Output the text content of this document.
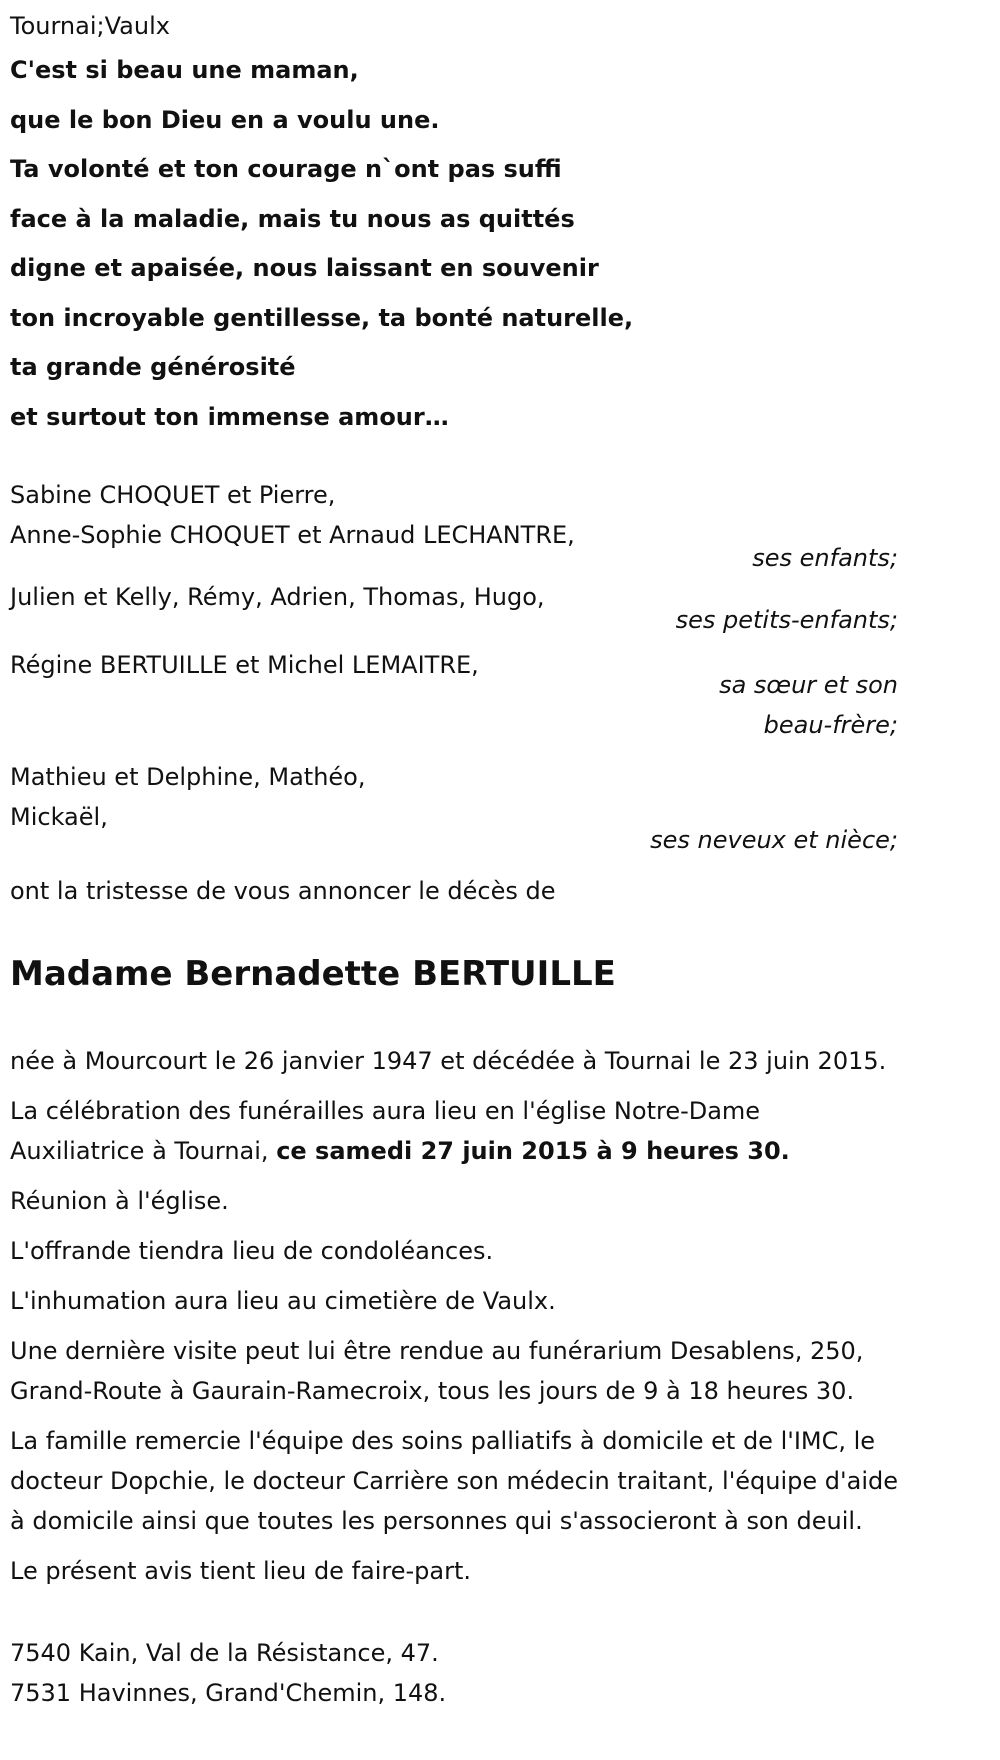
Tournai;Vaulx

C'est si beau une maman,
que le bon Dieu en a voulu une.
Ta volonté et ton courage n`ont pas suffi
face à la maladie, mais tu nous as quittés
digne et apaisée, nous laissant en souvenir
ton incroyable gentillesse, ta bonté naturelle,
ta grande générosité
et surtout ton immense amour…
Sabine CHOQUET et Pierre,
Anne-Sophie CHOQUET et Arnaud LECHANTRE,
ses enfants;
Julien et Kelly, Rémy, Adrien, Thomas, Hugo,
ses petits-enfants;
Régine BERTUILLE et Michel LEMAITRE,
sa sœur et son
beau-frère;
Mathieu et Delphine, Mathéo,
Mickaël,
ses neveux et nièce;

ont la tristesse de vous annoncer le décès de

Madame Bernadette BERTUILLE

née à Mourcourt le 26 janvier 1947 et décédée à Tournai le 23 juin 2015.

La célébration des funérailles aura lieu en l'église Notre-Dame Auxiliatrice à Tournai, ce samedi 27 juin 2015 à 9 heures 30.

Réunion à l'église.

L'offrande tiendra lieu de condoléances.

L'inhumation aura lieu au cimetière de Vaulx.

Une dernière visite peut lui être rendue au funérarium Desablens, 250, Grand-Route à Gaurain-Ramecroix, tous les jours de 9 à 18 heures 30.

La famille remercie l'équipe des soins palliatifs à domicile et de l'IMC, le docteur Dopchie, le docteur Carrière son médecin traitant, l'équipe d'aide à domicile ainsi que toutes les personnes qui s'associeront à son deuil.

Le présent avis tient lieu de faire-part.

7540 Kain, Val de la Résistance, 47.
7531 Havinnes, Grand'Chemin, 148.
